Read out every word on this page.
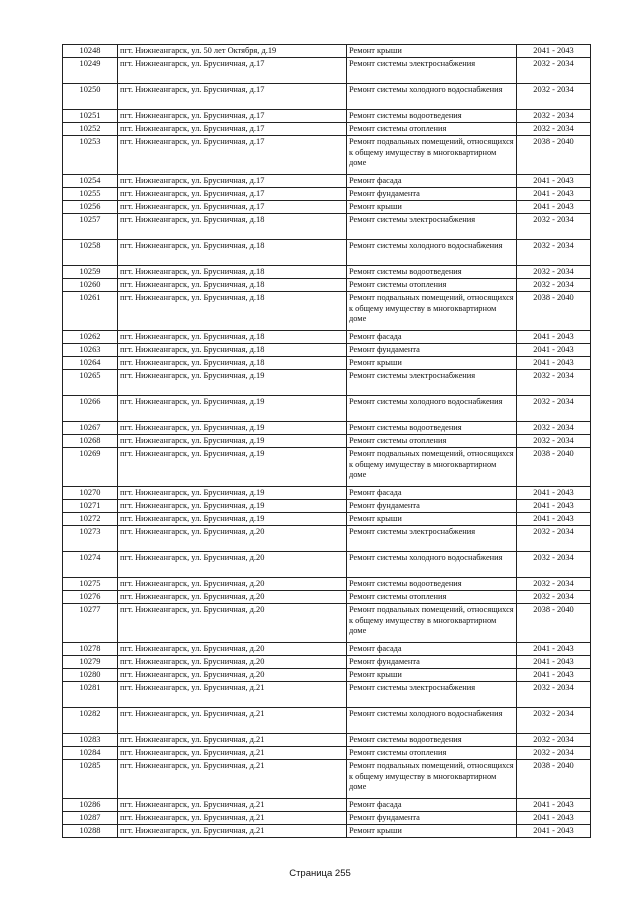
10248	пгт. Нижнеангарск, ул. 50 лет Октября, д.19	Ремонт крыши	2041 - 2043
10249	пгт. Нижнеангарск, ул. Брусничная, д.17	Ремонт системы электроснабжения	2032 - 2034
10250	пгт. Нижнеангарск, ул. Брусничная, д.17	Ремонт системы холодного водоснабжения	2032 - 2034
10251	пгт. Нижнеангарск, ул. Брусничная, д.17	Ремонт системы водоотведения	2032 - 2034
10252	пгт. Нижнеангарск, ул. Брусничная, д.17	Ремонт системы отопления	2032 - 2034
10253	пгт. Нижнеангарск, ул. Брусничная, д.17	Ремонт подвальных помещений, относящихся к общему имуществу в многоквартирном доме	2038 - 2040
10254	пгт. Нижнеангарск, ул. Брусничная, д.17	Ремонт фасада	2041 - 2043
10255	пгт. Нижнеангарск, ул. Брусничная, д.17	Ремонт фундамента	2041 - 2043
10256	пгт. Нижнеангарск, ул. Брусничная, д.17	Ремонт крыши	2041 - 2043
10257	пгт. Нижнеангарск, ул. Брусничная, д.18	Ремонт системы электроснабжения	2032 - 2034
10258	пгт. Нижнеангарск, ул. Брусничная, д.18	Ремонт системы холодного водоснабжения	2032 - 2034
10259	пгт. Нижнеангарск, ул. Брусничная, д.18	Ремонт системы водоотведения	2032 - 2034
10260	пгт. Нижнеангарск, ул. Брусничная, д.18	Ремонт системы отопления	2032 - 2034
10261	пгт. Нижнеангарск, ул. Брусничная, д.18	Ремонт подвальных помещений, относящихся к общему имуществу в многоквартирном доме	2038 - 2040
10262	пгт. Нижнеангарск, ул. Брусничная, д.18	Ремонт фасада	2041 - 2043
10263	пгт. Нижнеангарск, ул. Брусничная, д.18	Ремонт фундамента	2041 - 2043
10264	пгт. Нижнеангарск, ул. Брусничная, д.18	Ремонт крыши	2041 - 2043
10265	пгт. Нижнеангарск, ул. Брусничная, д.19	Ремонт системы электроснабжения	2032 - 2034
10266	пгт. Нижнеангарск, ул. Брусничная, д.19	Ремонт системы холодного водоснабжения	2032 - 2034
10267	пгт. Нижнеангарск, ул. Брусничная, д.19	Ремонт системы водоотведения	2032 - 2034
10268	пгт. Нижнеангарск, ул. Брусничная, д.19	Ремонт системы отопления	2032 - 2034
10269	пгт. Нижнеангарск, ул. Брусничная, д.19	Ремонт подвальных помещений, относящихся к общему имуществу в многоквартирном доме	2038 - 2040
10270	пгт. Нижнеангарск, ул. Брусничная, д.19	Ремонт фасада	2041 - 2043
10271	пгт. Нижнеангарск, ул. Брусничная, д.19	Ремонт фундамента	2041 - 2043
10272	пгт. Нижнеангарск, ул. Брусничная, д.19	Ремонт крыши	2041 - 2043
10273	пгт. Нижнеангарск, ул. Брусничная, д.20	Ремонт системы электроснабжения	2032 - 2034
10274	пгт. Нижнеангарск, ул. Брусничная, д.20	Ремонт системы холодного водоснабжения	2032 - 2034
10275	пгт. Нижнеангарск, ул. Брусничная, д.20	Ремонт системы водоотведения	2032 - 2034
10276	пгт. Нижнеангарск, ул. Брусничная, д.20	Ремонт системы отопления	2032 - 2034
10277	пгт. Нижнеангарск, ул. Брусничная, д.20	Ремонт подвальных помещений, относящихся к общему имуществу в многоквартирном доме	2038 - 2040
10278	пгт. Нижнеангарск, ул. Брусничная, д.20	Ремонт фасада	2041 - 2043
10279	пгт. Нижнеангарск, ул. Брусничная, д.20	Ремонт фундамента	2041 - 2043
10280	пгт. Нижнеангарск, ул. Брусничная, д.20	Ремонт крыши	2041 - 2043
10281	пгт. Нижнеангарск, ул. Брусничная, д.21	Ремонт системы электроснабжения	2032 - 2034
10282	пгт. Нижнеангарск, ул. Брусничная, д.21	Ремонт системы холодного водоснабжения	2032 - 2034
10283	пгт. Нижнеангарск, ул. Брусничная, д.21	Ремонт системы водоотведения	2032 - 2034
10284	пгт. Нижнеангарск, ул. Брусничная, д.21	Ремонт системы отопления	2032 - 2034
10285	пгт. Нижнеангарск, ул. Брусничная, д.21	Ремонт подвальных помещений, относящихся к общему имуществу в многоквартирном доме	2038 - 2040
10286	пгт. Нижнеангарск, ул. Брусничная, д.21	Ремонт фасада	2041 - 2043
10287	пгт. Нижнеангарск, ул. Брусничная, д.21	Ремонт фундамента	2041 - 2043
10288	пгт. Нижнеангарск, ул. Брусничная, д.21	Ремонт крыши	2041 - 2043
Страница 255
